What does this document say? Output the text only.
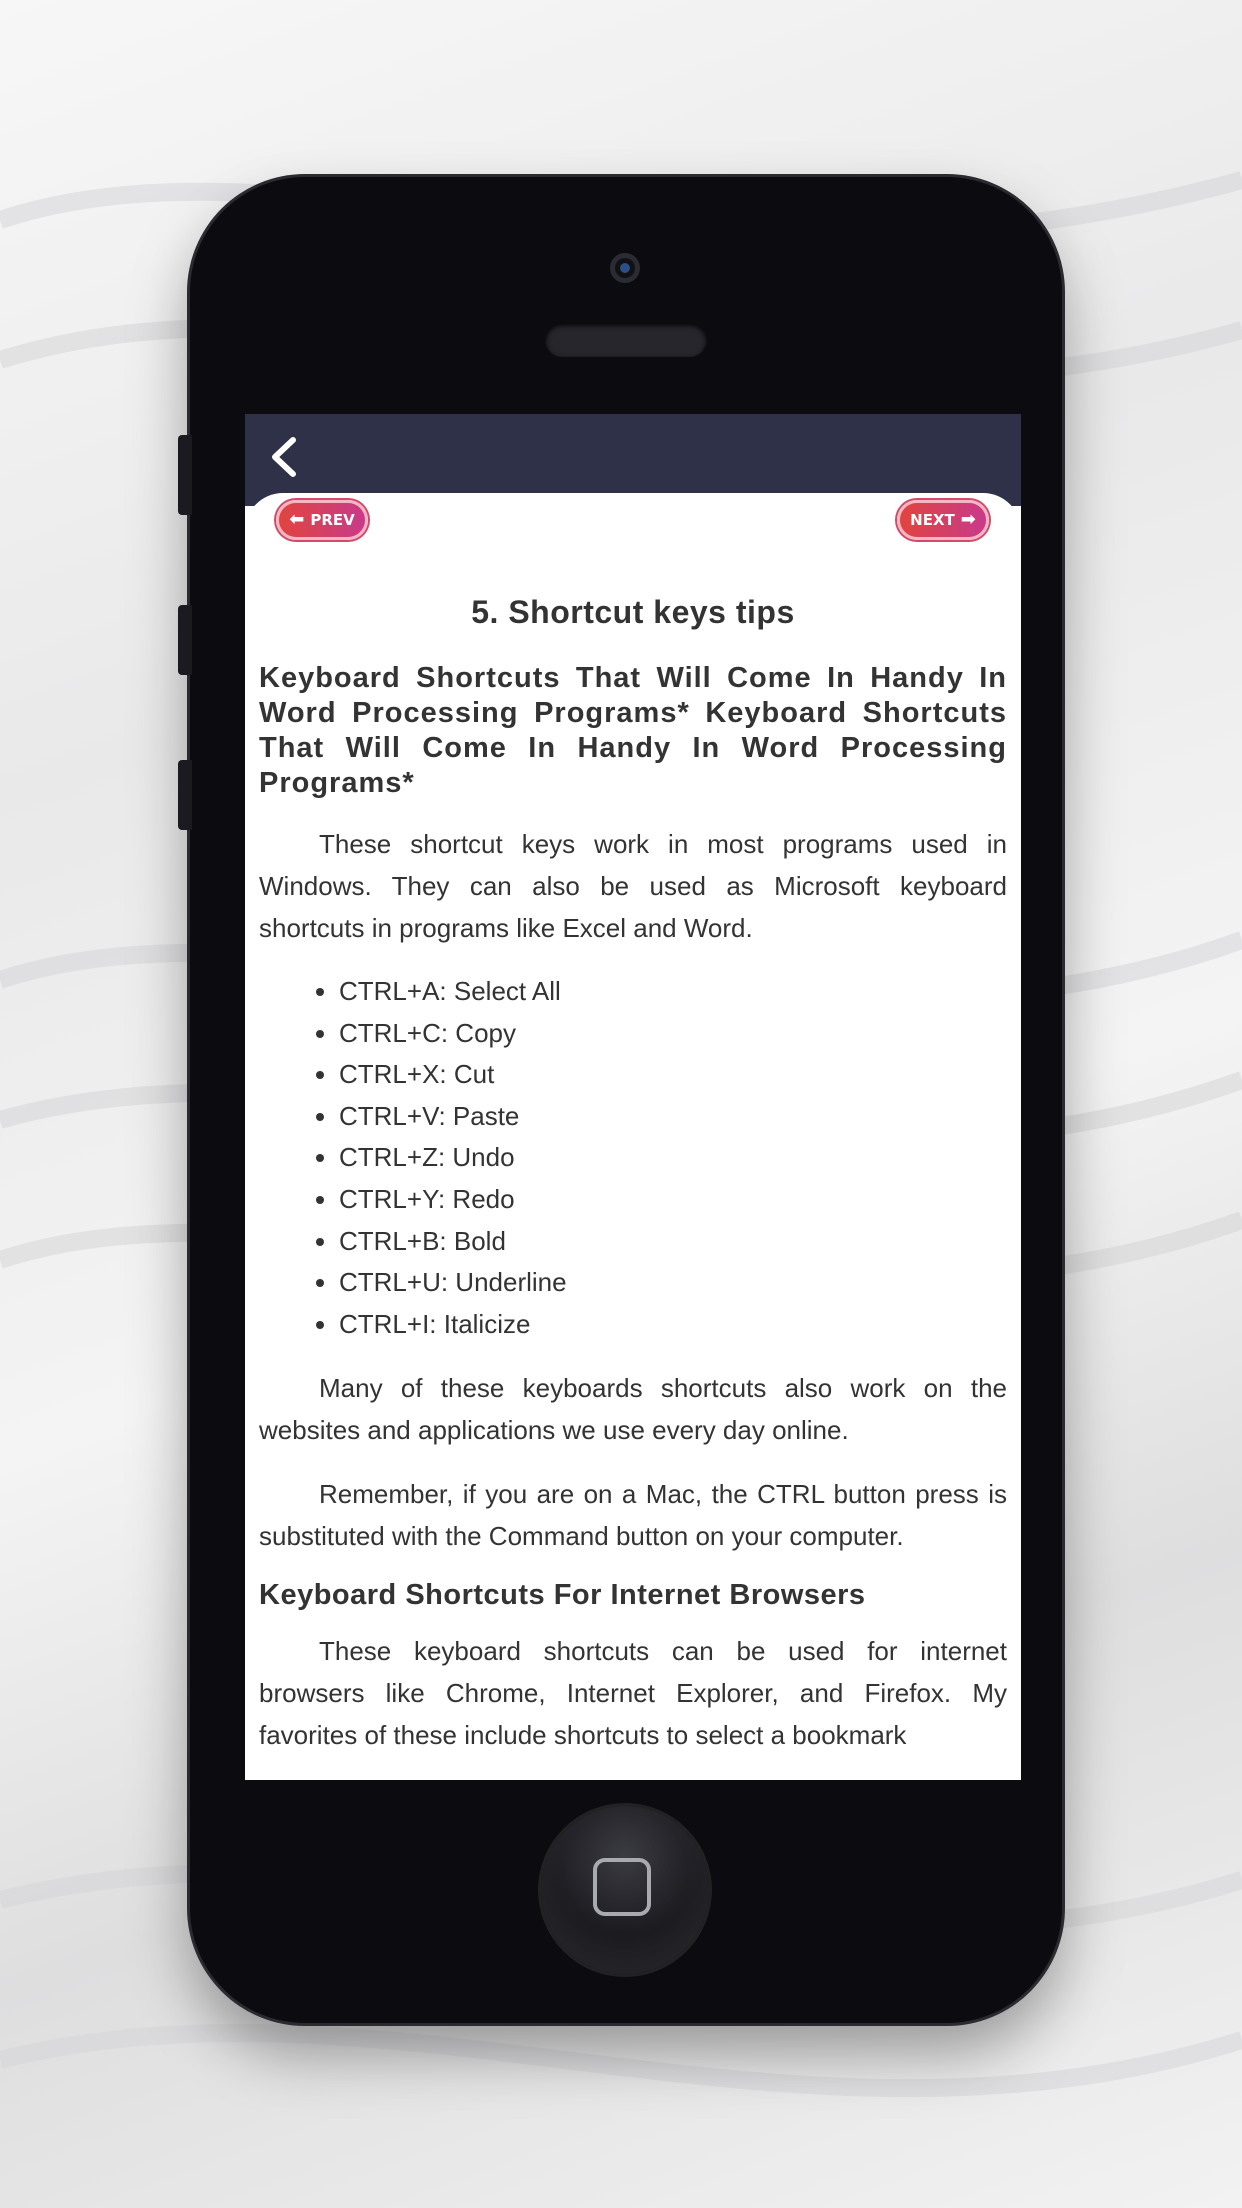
⬅ PREV	NEXT ➡
5. Shortcut keys tips
Keyboard Shortcuts That Will Come In Handy In Word Processing Programs* Keyboard Shortcuts That Will Come In Handy In Word Processing Programs*

These shortcut keys work in most programs used in Windows. They can also be used as Microsoft keyboard shortcuts in programs like Excel and Word.

• CTRL+A: Select All
• CTRL+C: Copy
• CTRL+X: Cut
• CTRL+V: Paste
• CTRL+Z: Undo
• CTRL+Y: Redo
• CTRL+B: Bold
• CTRL+U: Underline
• CTRL+I: Italicize

Many of these keyboards shortcuts also work on the websites and applications we use every day online.

Remember, if you are on a Mac, the CTRL button press is substituted with the Command button on your computer.

Keyboard Shortcuts For Internet Browsers

These keyboard shortcuts can be used for internet browsers like Chrome, Internet Explorer, and Firefox. My favorites of these include shortcuts to select a bookmark
